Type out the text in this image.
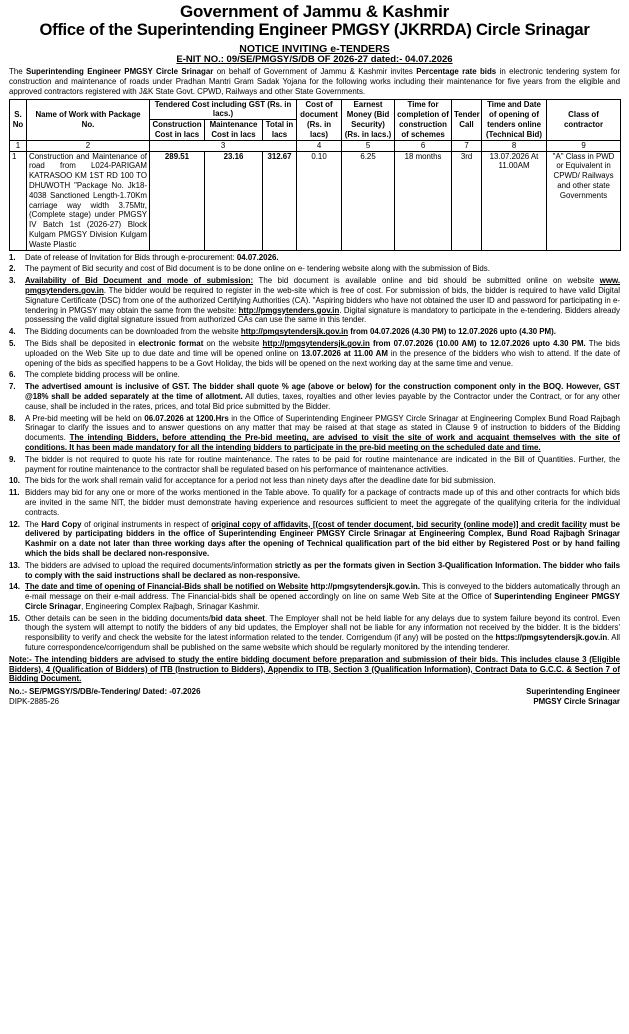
Government of Jammu & Kashmir
Office of the Superintending Engineer PMGSY (JKRRDA) Circle Srinagar
NOTICE INVITING e-TENDERS
E-NIT NO.: 09/SE/PMGSY/S/DB OF 2026-27 dated:- 04.07.2026

The Superintending Engineer PMGSY Circle Srinagar on behalf of Government of Jammu & Kashmir invites Percentage rate bids in electronic tendering system for construction and maintenance of roads under Pradhan Mantri Gram Sadak Yojana for the following works including their maintenance for five years from the eligible and approved contractors registered with J&K State Govt. CPWD, Railways and other State Governments.

S. No	Name of Work with Package No.	Tendered Cost including GST (Rs. in lacs.)			Cost of document (Rs. in lacs)	Earnest Money (Bid Security) (Rs. in lacs.)	Time for completion of construction of schemes	Tender Call	Time and Date of opening of tenders online (Technical Bid)	Class of contractor
		Construction Cost in lacs	Maintenance Cost in lacs	Total in lacs						
1	2	3			4	5	6	7	8	9
1	Construction and Maintenance of road from L024-PARIGAM KATRASOO KM 1ST RD 100 TO DHUWOTH "Package No. Jk18-4038 Sanctioned Length-1.70Km carriage way width 3.75Mtr, (Complete stage) under PMGSY IV Batch 1st (2026-27) Block Kulgam PMGSY Division Kulgam Waste Plastic	289.51	23.16	312.67	0.10	6.25	18 months	3rd	13.07.2026 At 11.00AM	"A" Class in PWD or Equivalent in CPWD/ Railways and other state Governments
1.	Date of release of Invitation for Bids through e-procurement: 04.07.2026.
2.	The payment of Bid security and cost of Bid document is to be done online on e- tendering website along with the submission of Bids.
3.	Availability of Bid Document and mode of submission: The bid document is available online and bid should be submitted online on website www. pmgsytenders.gov.in. The bidder would be required to register in the web-site which is free of cost. For submission of bids, the bidder is required to have valid Digital Signature Certificate (DSC) from one of the authorized Certifying Authorities (CA). "Aspiring bidders who have not obtained the user ID and password for participating in e-tendering in PMGSY may obtain the same from the website: http://pmgsytenders.gov.in. Digital signature is mandatory to participate in the e-tendering. Bidders already possessing the valid digital signature issued from authorized CAs can use the same in this tender.
4.	The Bidding documents can be downloaded from the website http://pmgsytendersjk.gov.in from 04.07.2026 (4.30 PM) to 12.07.2026 upto (4.30 PM).
5.	The Bids shall be deposited in electronic format on the website http://pmgsytendersjk.gov.in from 07.07.2026 (10.00 AM) to 12.07.2026 upto 4.30 PM. The bids uploaded on the Web Site up to due date and time will be opened online on 13.07.2026 at 11.00 AM in the presence of the bidders who wish to attend. If the date of opening of the bids as specified happens to be a Govt Holiday, the bids will be opened on the next working day at the same time and venue.
6.	The complete bidding process will be online.
7.	The advertised amount is inclusive of GST. The bidder shall quote % age (above or below) for the construction component only in the BOQ. However, GST @18% shall be added separately at the time of allotment. All duties, taxes, royalties and other levies payable by the Contractor under the Contract, or for any other cause, shall be included in the rates, prices, and total Bid price submitted by the Bidder.
8.	A Pre-bid meeting will be held on 06.07.2026 at 1200.Hrs in the Office of Superintending Engineer PMGSY Circle Srinagar at Engineering Complex Bund Road Rajbagh Srinagar to clarify the issues and to answer questions on any matter that may be raised at that stage as stated in Clause 9 of instruction to bidders of the Bidding documents. The intending Bidders, before attending the Pre-bid meeting, are advised to visit the site of work and acquaint themselves with the site of conditions. It has been made mandatory for all the intending bidders to participate in the pre-bid meeting on the scheduled date and time.
9.	The bidder is not required to quote his rate for routine maintenance. The rates to be paid for routine maintenance are indicated in the Bill of Quantities. Further, the payment for routine maintenance to the contractor shall be regulated based on his performance of maintenance activities.
10. The bids for the work shall remain valid for acceptance for a period not less than ninety days after the deadline date for bid submission.
11. Bidders may bid for any one or more of the works mentioned in the Table above. To qualify for a package of contracts made up of this and other contracts for which bids are invited in the same NIT, the bidder must demonstrate having experience and resources sufficient to meet the aggregate of the qualifying criteria for the individual contracts.
12. The Hard Copy of original instruments in respect of original copy of affidavits, [(cost of tender document, bid security (online mode)] and credit facility must be delivered by participating bidders in the office of Superintending Engineer PMGSY Circle Srinagar at Engineering Complex, Bund Road Rajbagh Srinagar Kashmir on a date not later than three working days after the opening of Technical qualification part of the bid either by Registered Post or by hand failing which the bids shall be declared non-responsive.
13. The bidders are advised to upload the required documents/information strictly as per the formats given in Section 3-Qualification Information. The bidder who fails to comply with the said instructions shall be declared as non-responsive.
14. The date and time of opening of Financial-Bids shall be notified on Website http://pmgsytendersjk.gov.in. This is conveyed to the bidders automatically through an e-mail message on their e-mail address. The Financial-bids shall be opened accordingly on line on same Web Site at the Office of Superintending Engineer PMGSY Circle Srinagar, Engineering Complex Rajbagh, Srinagar Kashmir.
15. Other details can be seen in the bidding documents/bid data sheet. The Employer shall not be held liable for any delays due to system failure beyond its control. Even though the system will attempt to notify the bidders of any bid updates, the Employer shall not be liable for any information not received by the bidder. It is the bidders' responsibility to verify and check the website for the latest information related to the tender. Corrigendum (if any) will be posted on the https://pmgsytendersjk.gov.in. All future correspondence/corrigendum shall be published on the same website which should be regularly monitored by the intending tenderer.

Note:- The intending bidders are advised to study the entire bidding document before preparation and submission of their bids. This includes clause 3 (Eligible Bidders), 4 (Qualification of Bidders) of ITB (Instruction to Bidders), Appendix to ITB, Section 3 (Qualification Information), Contract Data to G.C.C. & Section 7 of Bidding Document.

No.:- SE/PMGSY/S/DB/e-Tendering/ Dated: -07.2026
DIPK-2885-26
Superintending Engineer
PMGSY Circle Srinagar
